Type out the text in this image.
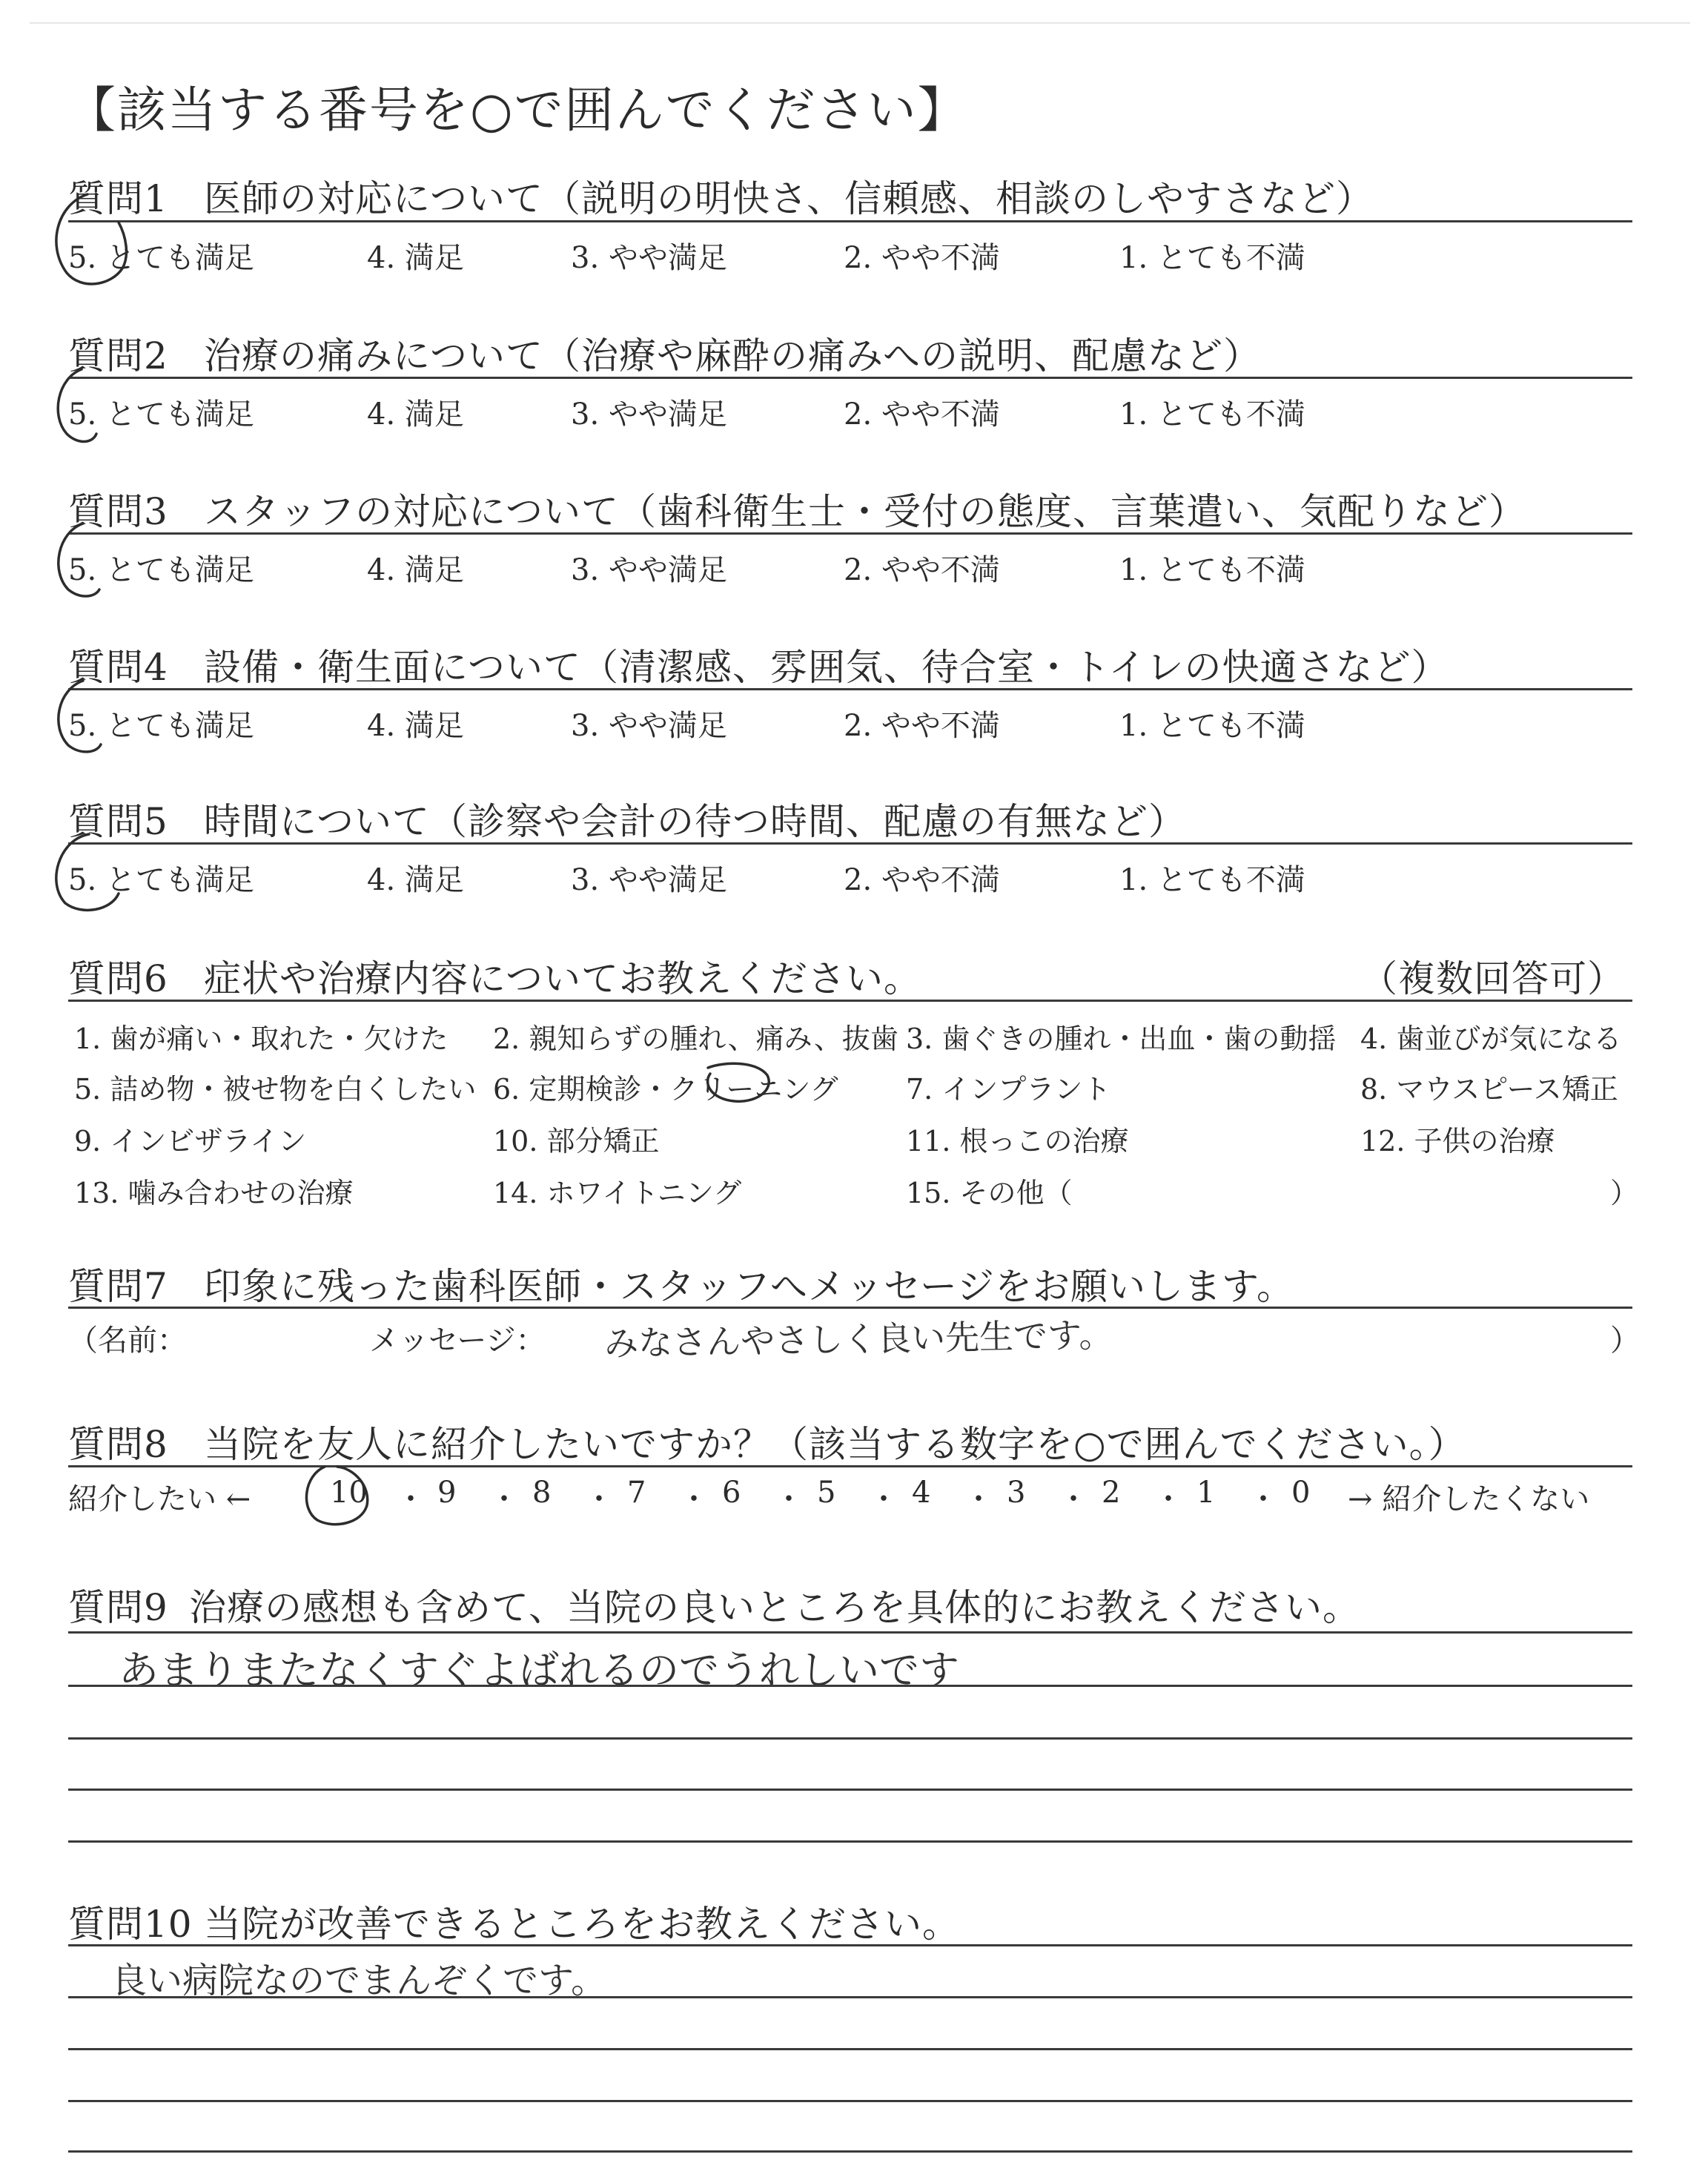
【該当する番号を○で囲んでください】
質問1 医師の対応について（説明の明快さ、信頼感、相談のしやすさなど）
5. とても満足	4. 満足	3. やや満足	2. やや不満	1. とても不満
質問2 治療の痛みについて（治療や麻酔の痛みへの説明、配慮など）
5. とても満足	4. 満足	3. やや満足	2. やや不満	1. とても不満
質問3 スタッフの対応について（歯科衛生士・受付の態度、言葉遣い、気配りなど）
5. とても満足	4. 満足	3. やや満足	2. やや不満	1. とても不満
質問4 設備・衛生面について（清潔感、雰囲気、待合室・トイレの快適さなど）
5. とても満足	4. 満足	3. やや満足	2. やや不満	1. とても不満
質問5 時間について（診察や会計の待つ時間、配慮の有無など）
5. とても満足	4. 満足	3. やや満足	2. やや不満	1. とても不満
質問6 症状や治療内容についてお教えください。	（複数回答可）
1. 歯が痛い・取れた・欠けた 2. 親知らずの腫れ、痛み、抜歯 3. 歯ぐきの腫れ・出血・歯の動揺 4. 歯並びが気になる
5. 詰め物・被せ物を白くしたい 6. 定期検診・クリーニング 7. インプラント	8. マウスピース矯正
9. インビザライン	10. 部分矯正	11. 根っこの治療	12. 子供の治療
13. 噛み合わせの治療	14. ホワイトニング	15. その他（	）
質問7 印象に残った歯科医師・スタッフへメッセージをお願いします。
（名前：	メッセージ： みなさんやさしく良い先生です。	）
質問8 当院を友人に紹介したいですか？（該当する数字を○で囲んでください。）
紹介したい ←	10 ・ 9 ・ 8 ・ 7 ・ 6 ・ 5 ・ 4 ・ 3 ・ 2 ・ 1 ・ 0 → 紹介したくない
質問9 治療の感想も含めて、当院の良いところを具体的にお教えください。
あまりまたなくすぐよばれるのでうれしいです
質問10 当院が改善できるところをお教えください。
良い病院なのでまんぞくです。
